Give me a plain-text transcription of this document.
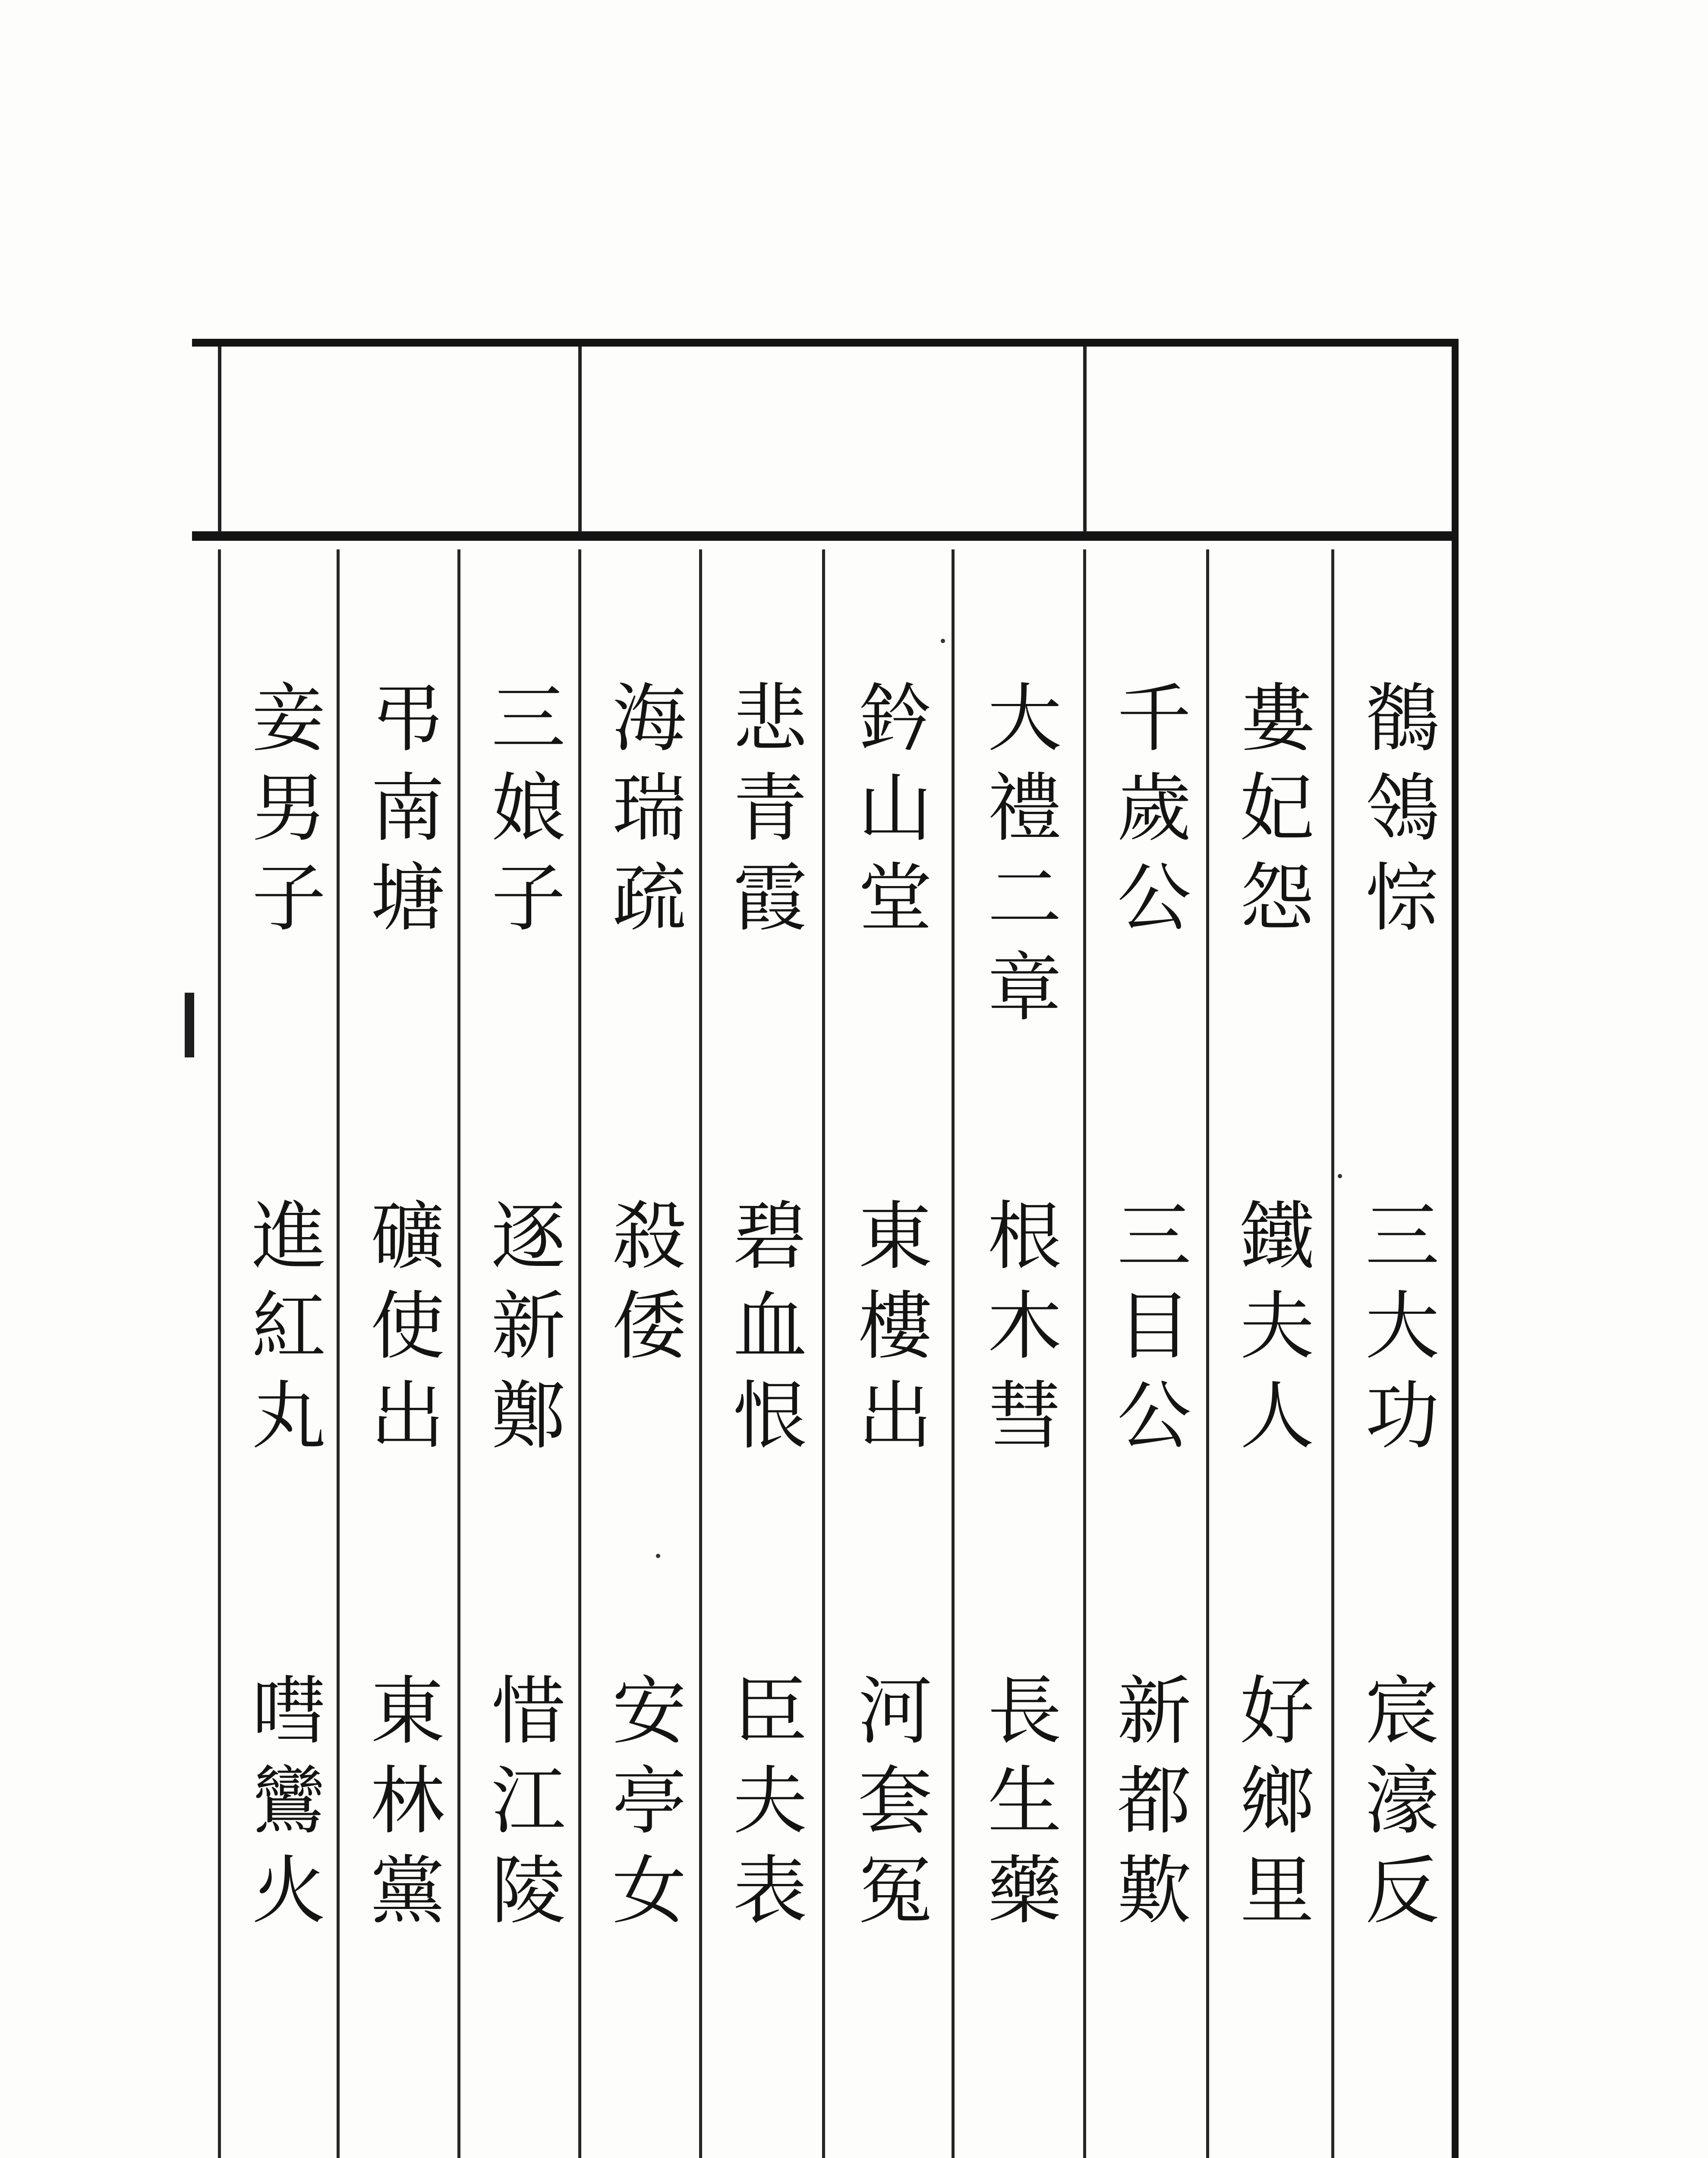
鶺鴒悰
三大功
宸濠反
婁妃怨
鐵夫人
好鄉里
千歲公
三目公
新都歎
大禮二章
根木彗
長生藥
鈐山堂
東樓出
河套冤
悲青霞
碧血恨
臣夫表
海瑞疏
殺倭
安亭女
三娘子
逐新鄭
惜江陵
弔南塘
礦使出
東林黨
妾男子
進紅丸
嘒鸞火
